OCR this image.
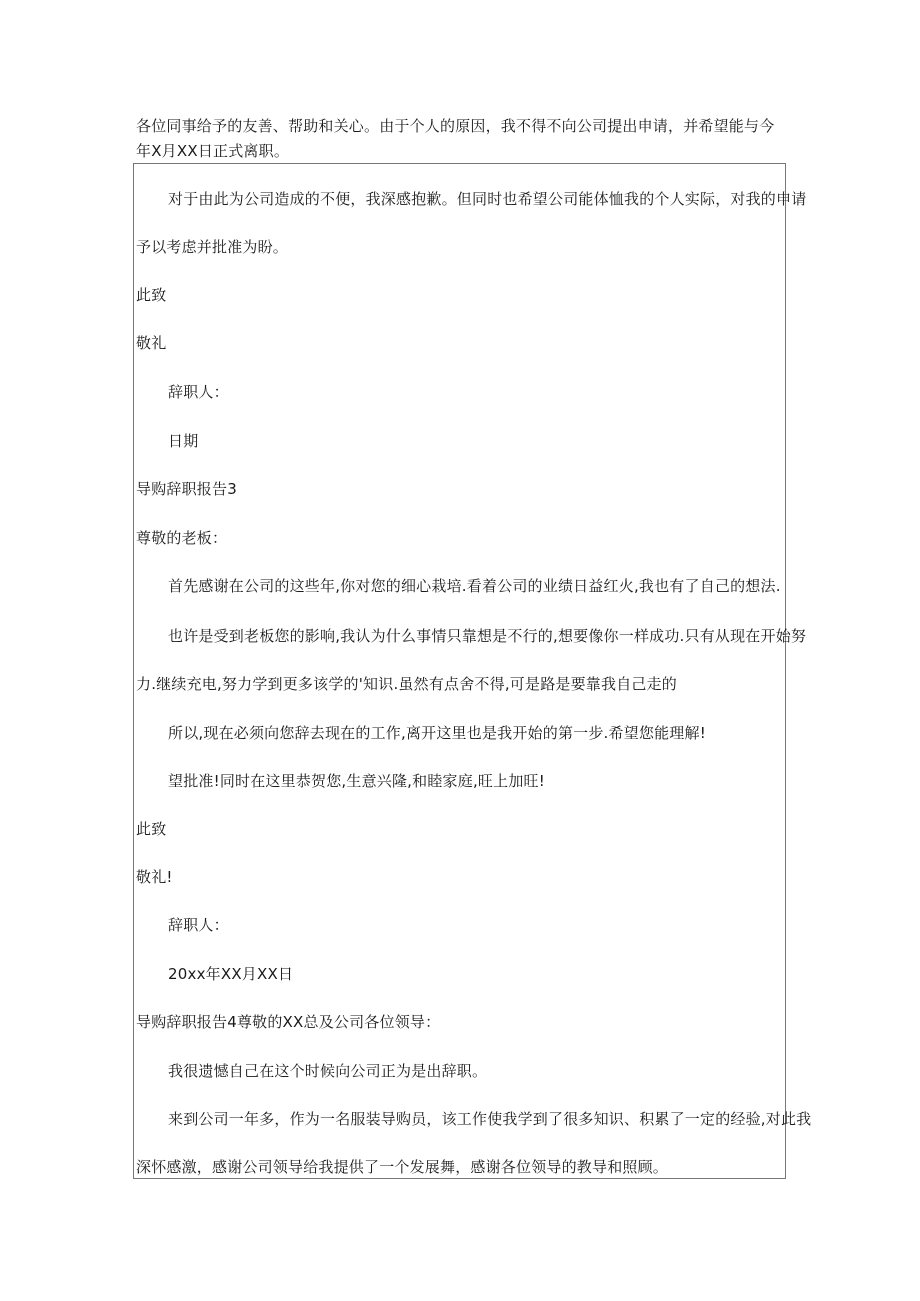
各位同事给予的友善、帮助和关心。由于个人的原因，我不得不向公司提出申请，并希望能与今年X月XX日正式离职。

对于由此为公司造成的不便，我深感抱歉。但同时也希望公司能体恤我的个人实际，对我的申请

予以考虑并批准为盼。

此致

敬礼

辞职人：

日期

导购辞职报告3

尊敬的老板：

首先感谢在公司的这些年,你对您的细心栽培.看着公司的业绩日益红火,我也有了自己的想法.

也许是受到老板您的影响,我认为什么事情只靠想是不行的,想要像你一样成功.只有从现在开始努

力.继续充电,努力学到更多该学的'知识.虽然有点舍不得,可是路是要靠我自己走的

所以,现在必须向您辞去现在的工作,离开这里也是我开始的第一步.希望您能理解!

望批准!同时在这里恭贺您,生意兴隆,和睦家庭,旺上加旺!

此致

敬礼!

辞职人：

20xx年XX月XX日

导购辞职报告4尊敬的XX总及公司各位领导：

我很遗憾自己在这个时候向公司正为是出辞职。

来到公司一年多，作为一名服装导购员，该工作使我学到了很多知识、积累了一定的经验,对此我

深怀感激，感谢公司领导给我提供了一个发展舞，感谢各位领导的教导和照顾。
